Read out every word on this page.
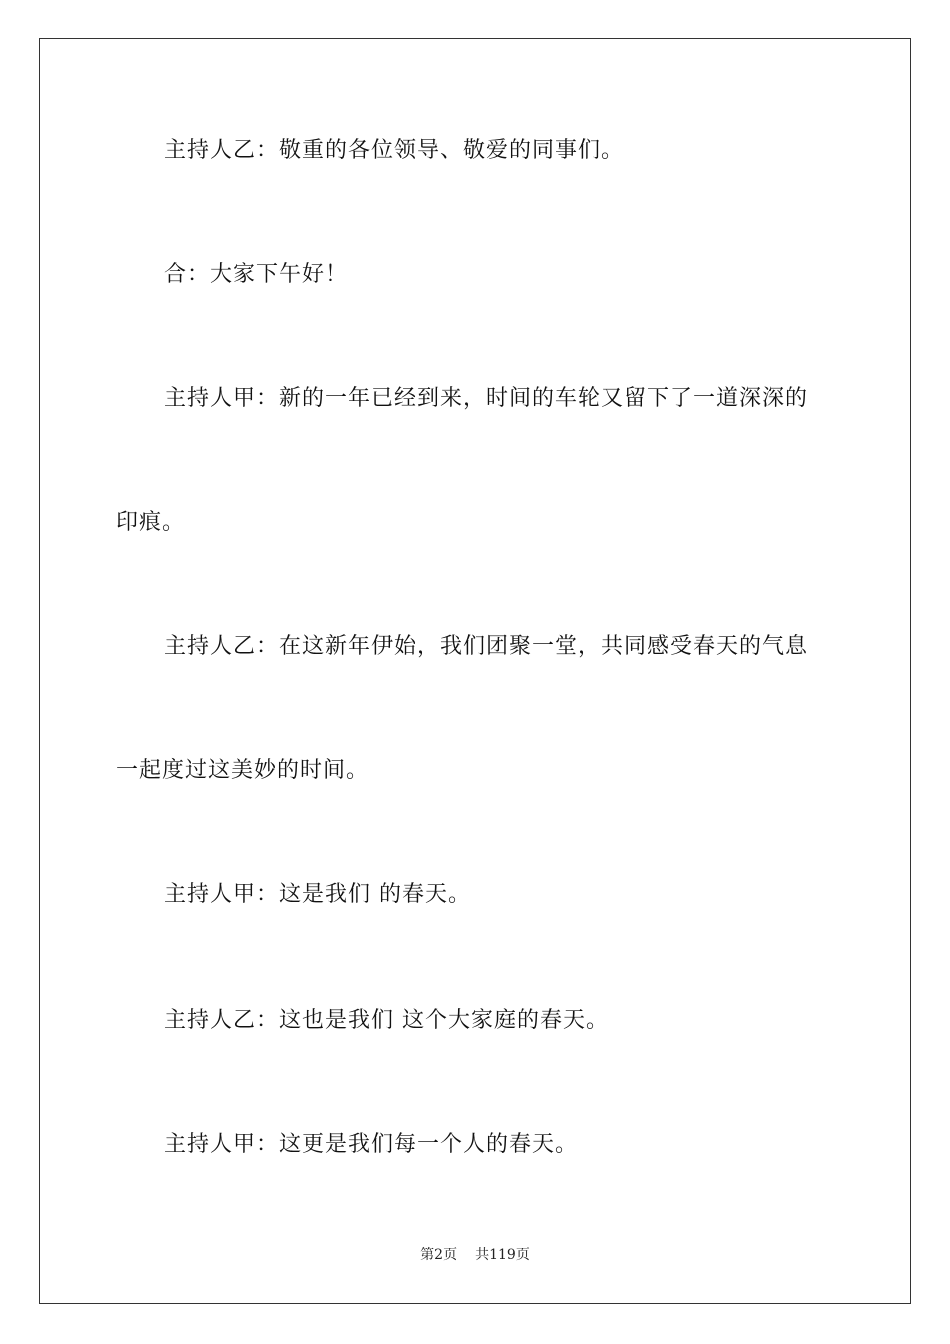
主持人乙：敬重的各位领导、敬爱的同事们。

合：大家下午好！

主持人甲：新的一年已经到来，时间的车轮又留下了一道深深的

印痕。

主持人乙：在这新年伊始，我们团聚一堂，共同感受春天的气息

一起度过这美妙的时间。

主持人甲：这是我们 的春天。

主持人乙：这也是我们 这个大家庭的春天。

主持人甲：这更是我们每一个人的春天。

第2页 共119页
